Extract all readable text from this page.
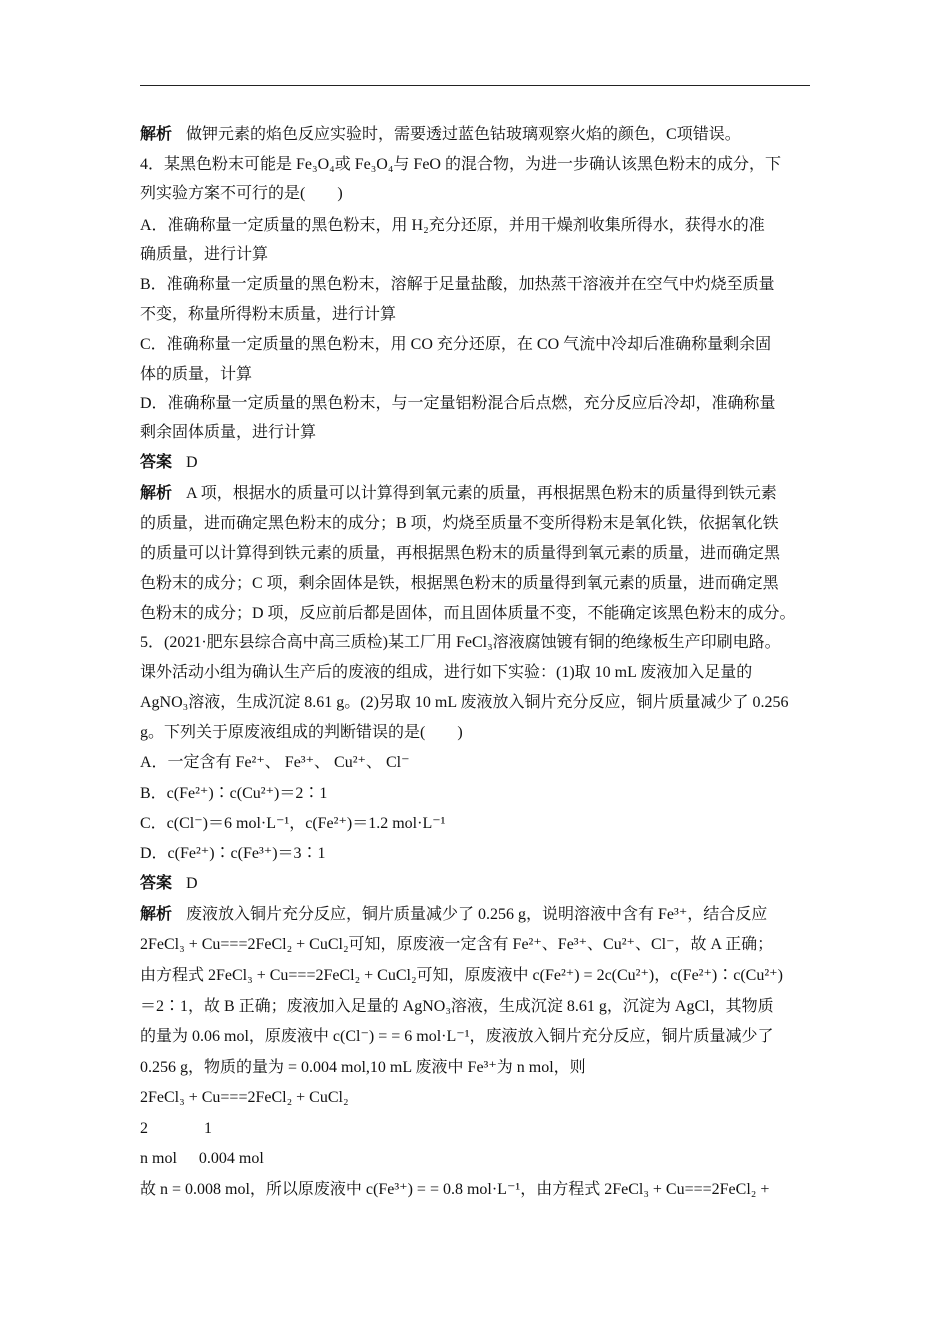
解析 做钾元素的焰色反应实验时，需要透过蓝色钴玻璃观察火焰的颜色，C项错误。
4．某黑色粉末可能是 Fe₃O₄或 Fe₃O₄与 FeO 的混合物，为进一步确认该黑色粉末的成分，下
列实验方案不可行的是(　　)
A．准确称量一定质量的黑色粉末，用 H₂充分还原，并用干燥剂收集所得水，获得水的准
确质量，进行计算
B．准确称量一定质量的黑色粉末，溶解于足量盐酸，加热蒸干溶液并在空气中灼烧至质量
不变，称量所得粉末质量，进行计算
C．准确称量一定质量的黑色粉末，用 CO 充分还原，在 CO 气流中冷却后准确称量剩余固
体的质量，计算
D．准确称量一定质量的黑色粉末，与一定量铝粉混合后点燃，充分反应后冷却，准确称量
剩余固体质量，进行计算
答案 D
解析 A 项，根据水的质量可以计算得到氧元素的质量，再根据黑色粉末的质量得到铁元素
的质量，进而确定黑色粉末的成分；B 项，灼烧至质量不变所得粉末是氧化铁，依据氧化铁
的质量可以计算得到铁元素的质量，再根据黑色粉末的质量得到氧元素的质量，进而确定黑
色粉末的成分；C 项，剩余固体是铁，根据黑色粉末的质量得到氧元素的质量，进而确定黑
色粉末的成分；D 项，反应前后都是固体，而且固体质量不变，不能确定该黑色粉末的成分。
5．(2021·肥东县综合高中高三质检)某工厂用 FeCl₃溶液腐蚀镀有铜的绝缘板生产印刷电路。
课外活动小组为确认生产后的废液的组成，进行如下实验：(1)取 10 mL 废液加入足量的
AgNO₃溶液，生成沉淀 8.61 g。(2)另取 10 mL 废液放入铜片充分反应，铜片质量减少了 0.256
g。下列关于原废液组成的判断错误的是(　　)
A．一定含有 Fe²⁺、 Fe³⁺、 Cu²⁺、 Cl⁻
B．c(Fe²⁺)∶c(Cu²⁺)＝2∶1
C．c(Cl⁻)＝6 mol·L⁻¹，c(Fe²⁺)＝1.2 mol·L⁻¹
D．c(Fe²⁺)∶c(Fe³⁺)＝3∶1
答案 D
解析 废液放入铜片充分反应，铜片质量减少了 0.256 g，说明溶液中含有 Fe³⁺，结合反应
2FeCl₃ + Cu===2FeCl₂ + CuCl₂可知，原废液一定含有 Fe²⁺、Fe³⁺、Cu²⁺、Cl⁻，故 A 正确；
由方程式 2FeCl₃ + Cu===2FeCl₂ + CuCl₂可知，原废液中 c(Fe²⁺) = 2c(Cu²⁺)，c(Fe²⁺)∶c(Cu²⁺)
＝2∶1，故 B 正确；废液加入足量的 AgNO₃溶液，生成沉淀 8.61 g，沉淀为 AgCl，其物质
的量为 0.06 mol，原废液中 c(Cl⁻) = = 6 mol·L⁻¹，废液放入铜片充分反应，铜片质量减少了
0.256 g，物质的量为 = 0.004 mol,10 mL 废液中 Fe³⁺为 n mol，则
2FeCl₃ + Cu===2FeCl₂ + CuCl₂
2	1
n mol 0.004 mol
故 n = 0.008 mol，所以原废液中 c(Fe³⁺) = = 0.8 mol·L⁻¹，由方程式 2FeCl₃ + Cu===2FeCl₂ +
